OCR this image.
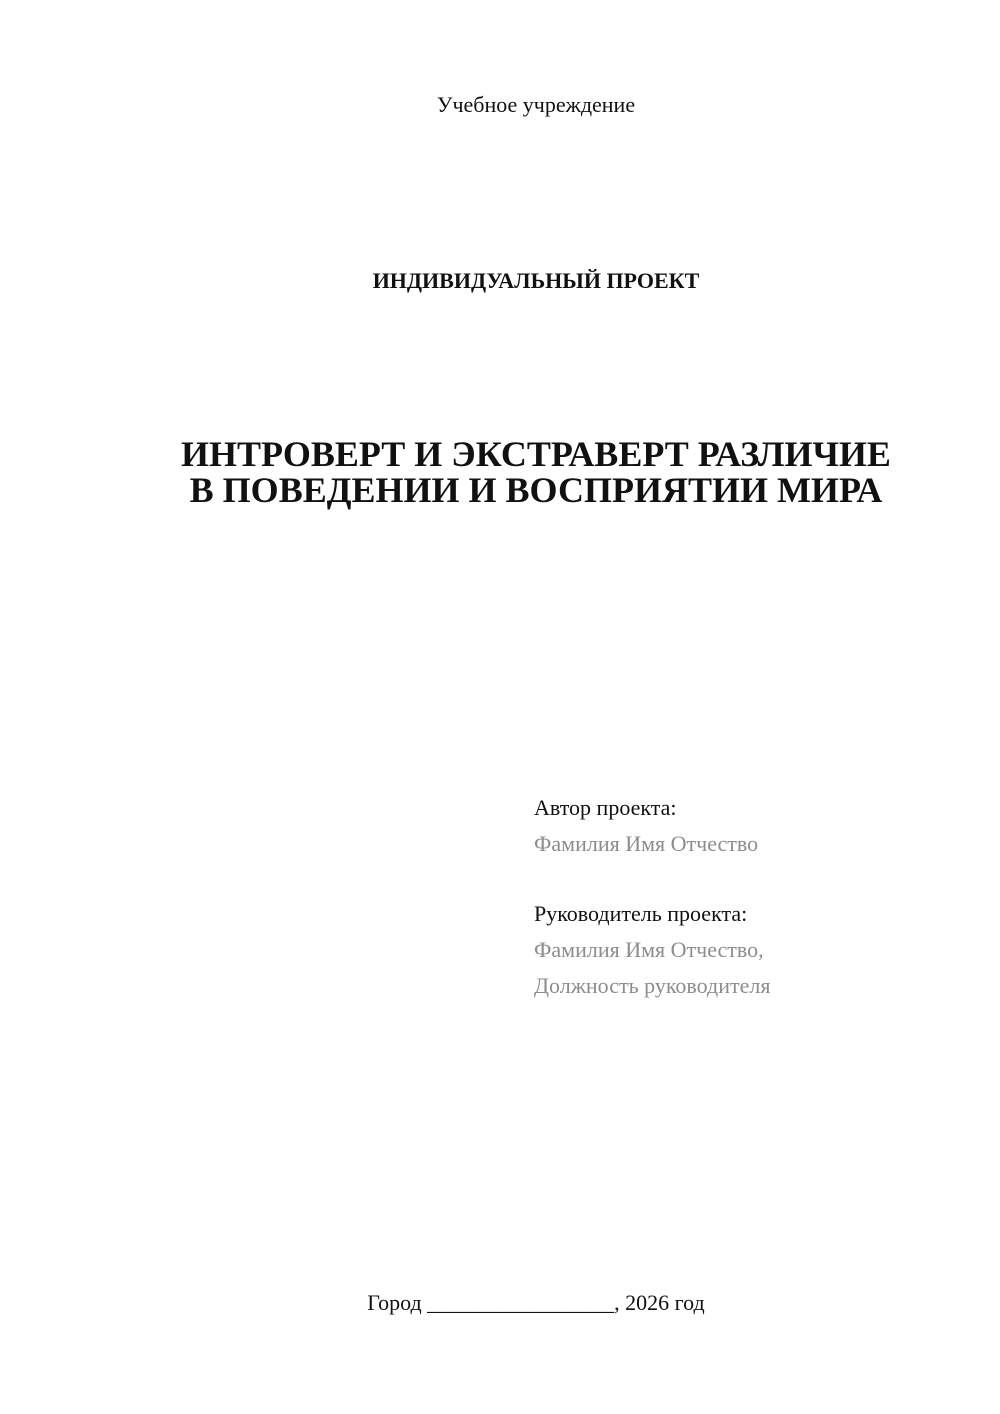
Учебное учреждение
ИНДИВИДУАЛЬНЫЙ ПРОЕКТ
ИНТРОВЕРТ И ЭКСТРАВЕРТ РАЗЛИЧИЕ
В ПОВЕДЕНИИ И ВОСПРИЯТИИ МИРА
Автор проекта:
Фамилия Имя Отчество
Руководитель проекта:
Фамилия Имя Отчество,
Должность руководителя
Город _________________, 2026 год
